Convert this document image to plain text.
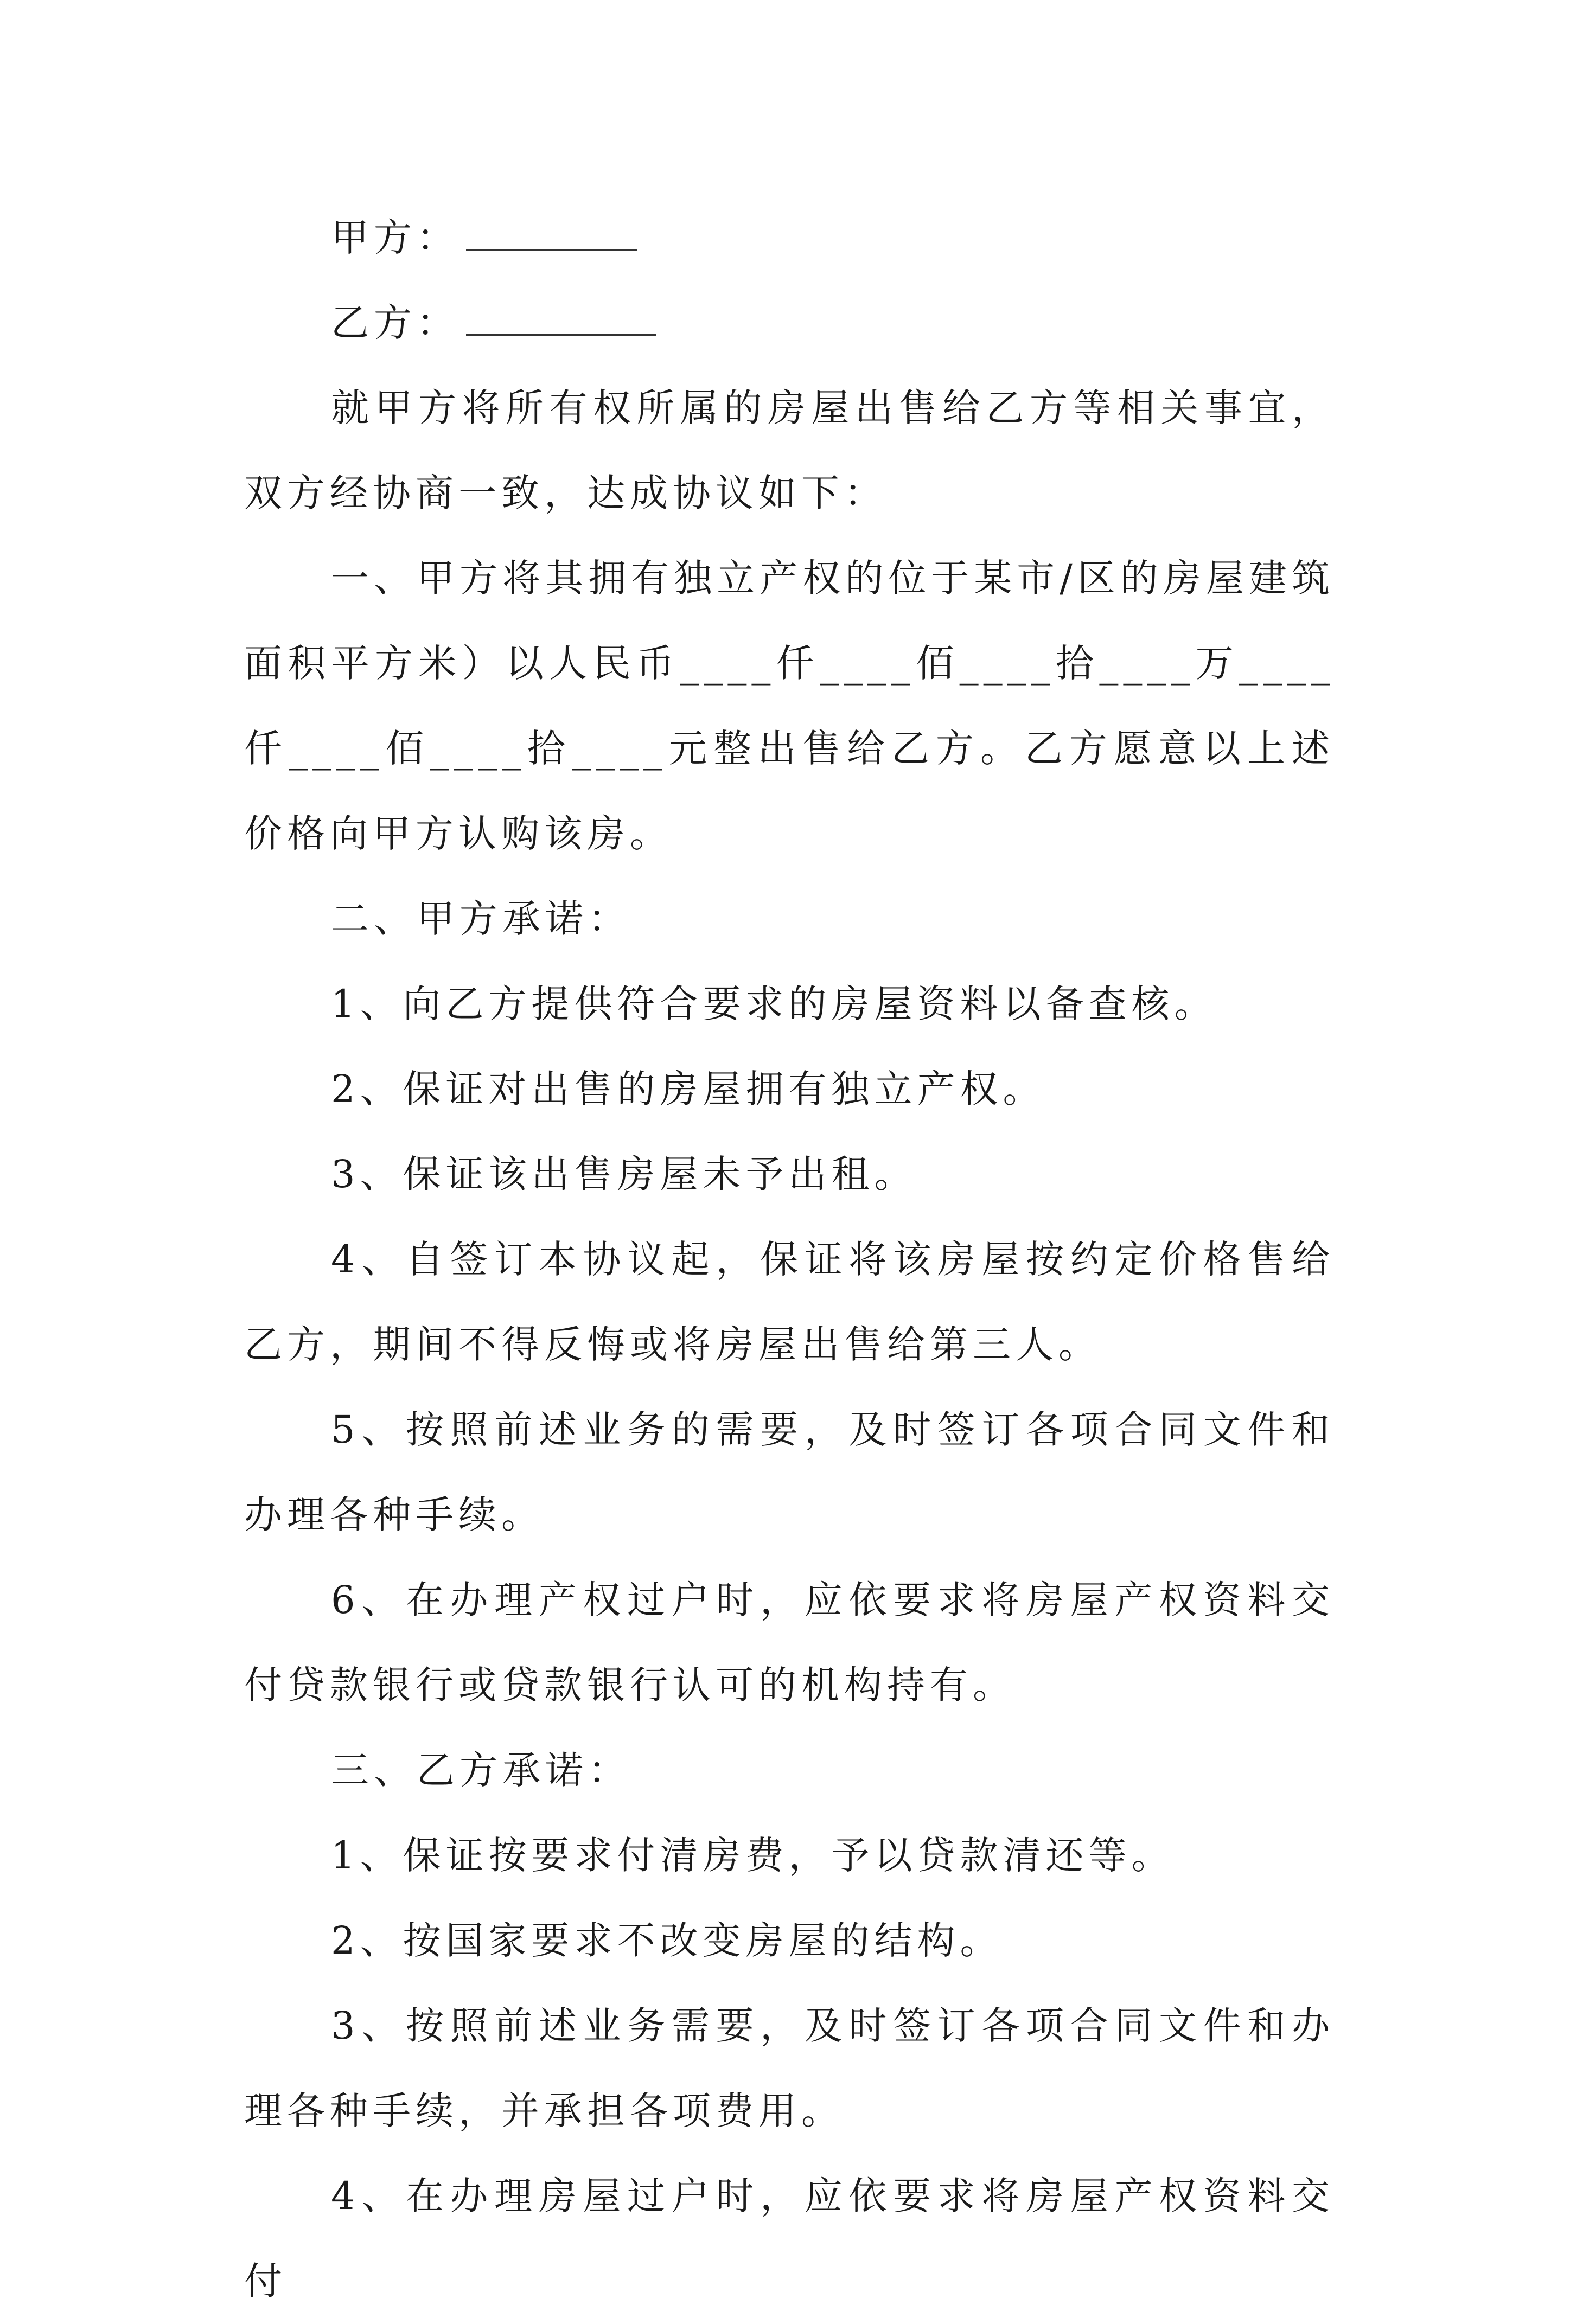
甲方：

乙方：

就甲方将所有权所属的房屋出售给乙方等相关事宜，双方经协商一致，达成协议如下：

一、甲方将其拥有独立产权的位于某市/区的房屋建筑面积平方米）以人民币____仟____佰____拾____万____仟____佰____拾____元整出售给乙方。乙方愿意以上述价格向甲方认购该房。

二、甲方承诺：

1、向乙方提供符合要求的房屋资料以备查核。

2、保证对出售的房屋拥有独立产权。

3、保证该出售房屋未予出租。

4、自签订本协议起，保证将该房屋按约定价格售给乙方，期间不得反悔或将房屋出售给第三人。

5、按照前述业务的需要，及时签订各项合同文件和办理各种手续。

6、在办理产权过户时，应依要求将房屋产权资料交付贷款银行或贷款银行认可的机构持有。

三、乙方承诺：

1、保证按要求付清房费，予以贷款清还等。

2、按国家要求不改变房屋的结构。

3、按照前述业务需要，及时签订各项合同文件和办理各种手续，并承担各项费用。

4、在办理房屋过户时，应依要求将房屋产权资料交付
